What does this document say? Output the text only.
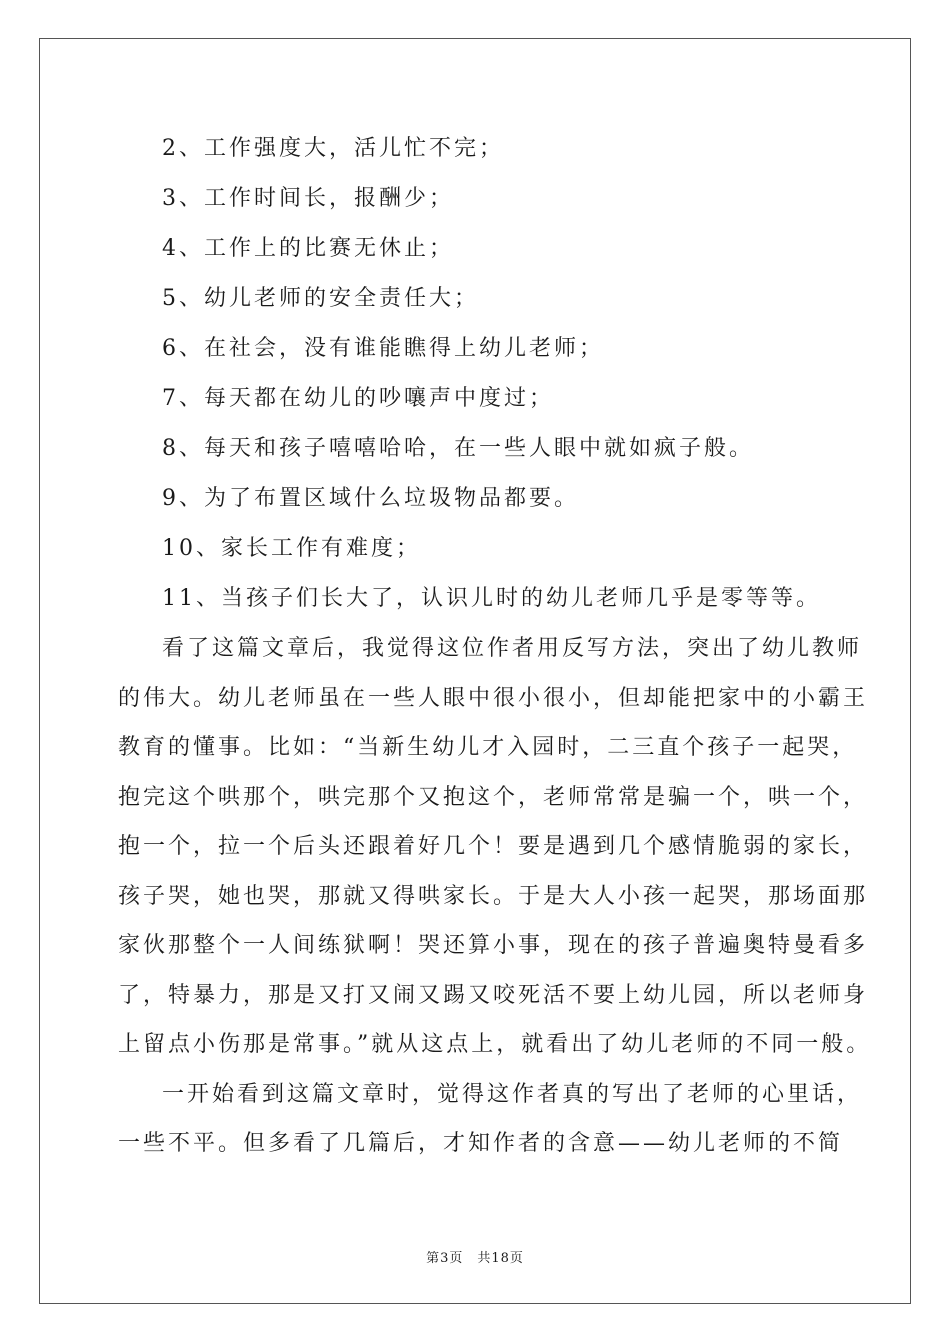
2、工作强度大，活儿忙不完；
3、工作时间长，报酬少；
4、工作上的比赛无休止；
5、幼儿老师的安全责任大；
6、在社会，没有谁能瞧得上幼儿老师；
7、每天都在幼儿的吵嚷声中度过；
8、每天和孩子嘻嘻哈哈，在一些人眼中就如疯子般。
9、为了布置区域什么垃圾物品都要。
10、家长工作有难度；
11、当孩子们长大了，认识儿时的幼儿老师几乎是零等等。

看了这篇文章后，我觉得这位作者用反写方法，突出了幼儿教师
的伟大。幼儿老师虽在一些人眼中很小很小，但却能把家中的小霸王
教育的懂事。比如：“当新生幼儿才入园时，二三直个孩子一起哭，
抱完这个哄那个，哄完那个又抱这个，老师常常是骗一个，哄一个，
抱一个，拉一个后头还跟着好几个！要是遇到几个感情脆弱的家长，
孩子哭，她也哭，那就又得哄家长。于是大人小孩一起哭，那场面那
家伙那整个一人间练狱啊！哭还算小事，现在的孩子普遍奥特曼看多
了，特暴力，那是又打又闹又踢又咬死活不要上幼儿园，所以老师身
上留点小伤那是常事。”就从这点上，就看出了幼儿老师的不同一般。

一开始看到这篇文章时，觉得这作者真的写出了老师的心里话，
一些不平。但多看了几篇后，才知作者的含意——幼儿老师的不简

第3页 共18页
